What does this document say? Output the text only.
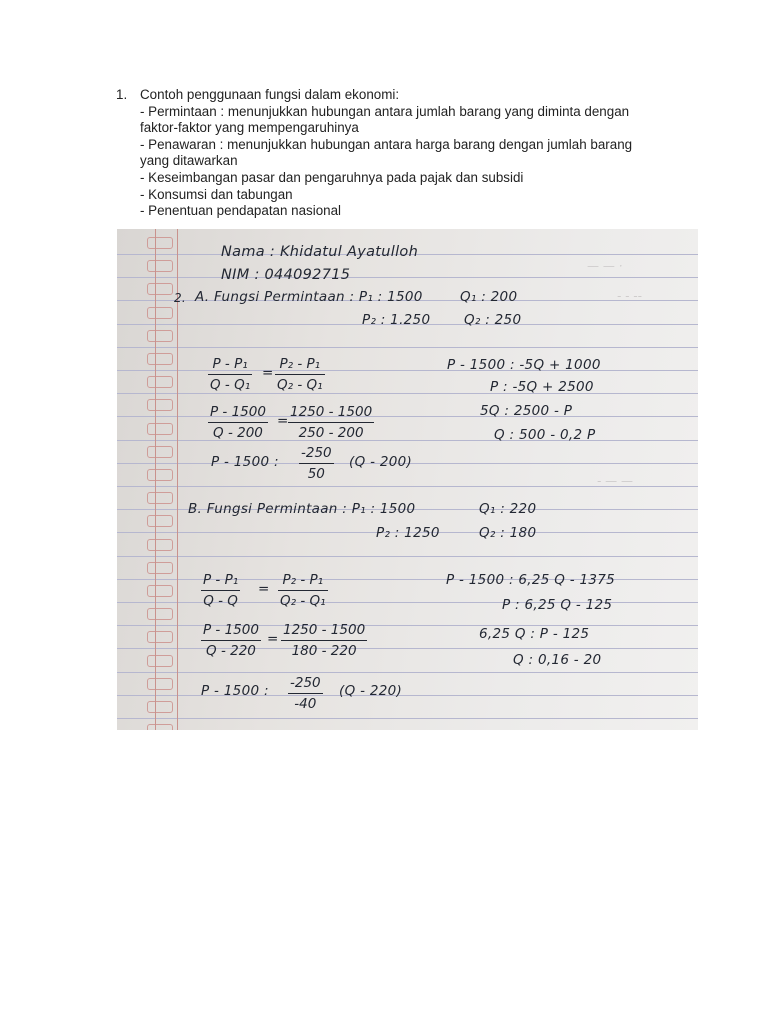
1. Contoh penggunaan fungsi dalam ekonomi:
- Permintaan : menunjukkan hubungan antara jumlah barang yang diminta dengan
faktor-faktor yang mempengaruhinya
- Penawaran : menunjukkan hubungan antara harga barang dengan jumlah barang
yang ditawarkan
- Keseimbangan pasar dan pengaruhnya pada pajak dan subsidi
- Konsumsi dan tabungan
- Penentuan pendapatan nasional
— — ·
- - --
- — —
Nama : Khidatul Ayatulloh
NIM : 044092715
2. A. Fungsi Permintaan : P₁ : 1500	Q₁ : 200
P₂ : 1.250 Q₂ : 250
$\frac{\text{P - P₁}}{\text{Q - Q₁}} = \frac{\text{P₂ - P₁}}{\text{Q₂ - Q₁}}$
$\frac{P - 1500}{Q - 200} = \frac{1250 - 1500}{250 - 200}$
P - 1500 : $\frac{-250}{50} (Q - 200)$
P - 1500 : -5Q + 1000
P : -5Q + 2500
5Q : 2500 - P
Q : 500 - 0,2 P
B. Fungsi Permintaan : P₁ : 1500	Q₁ : 220
P₂ : 1250	Q₂ : 180
$\frac{\text{P - P₁}}{Q - Q} = \frac{\text{P₂ - P₁}}{\text{Q₂ - Q₁}}$
$\frac{P - 1500}{Q - 220} = \frac{1250 - 1500}{180 - 220}$
P - 1500 : $\frac{-250}{-40} (Q - 220)$
P - 1500 : 6,25 Q - 1375
P : 6,25 Q - 125
6,25 Q : P - 125
Q : 0,16 - 20
